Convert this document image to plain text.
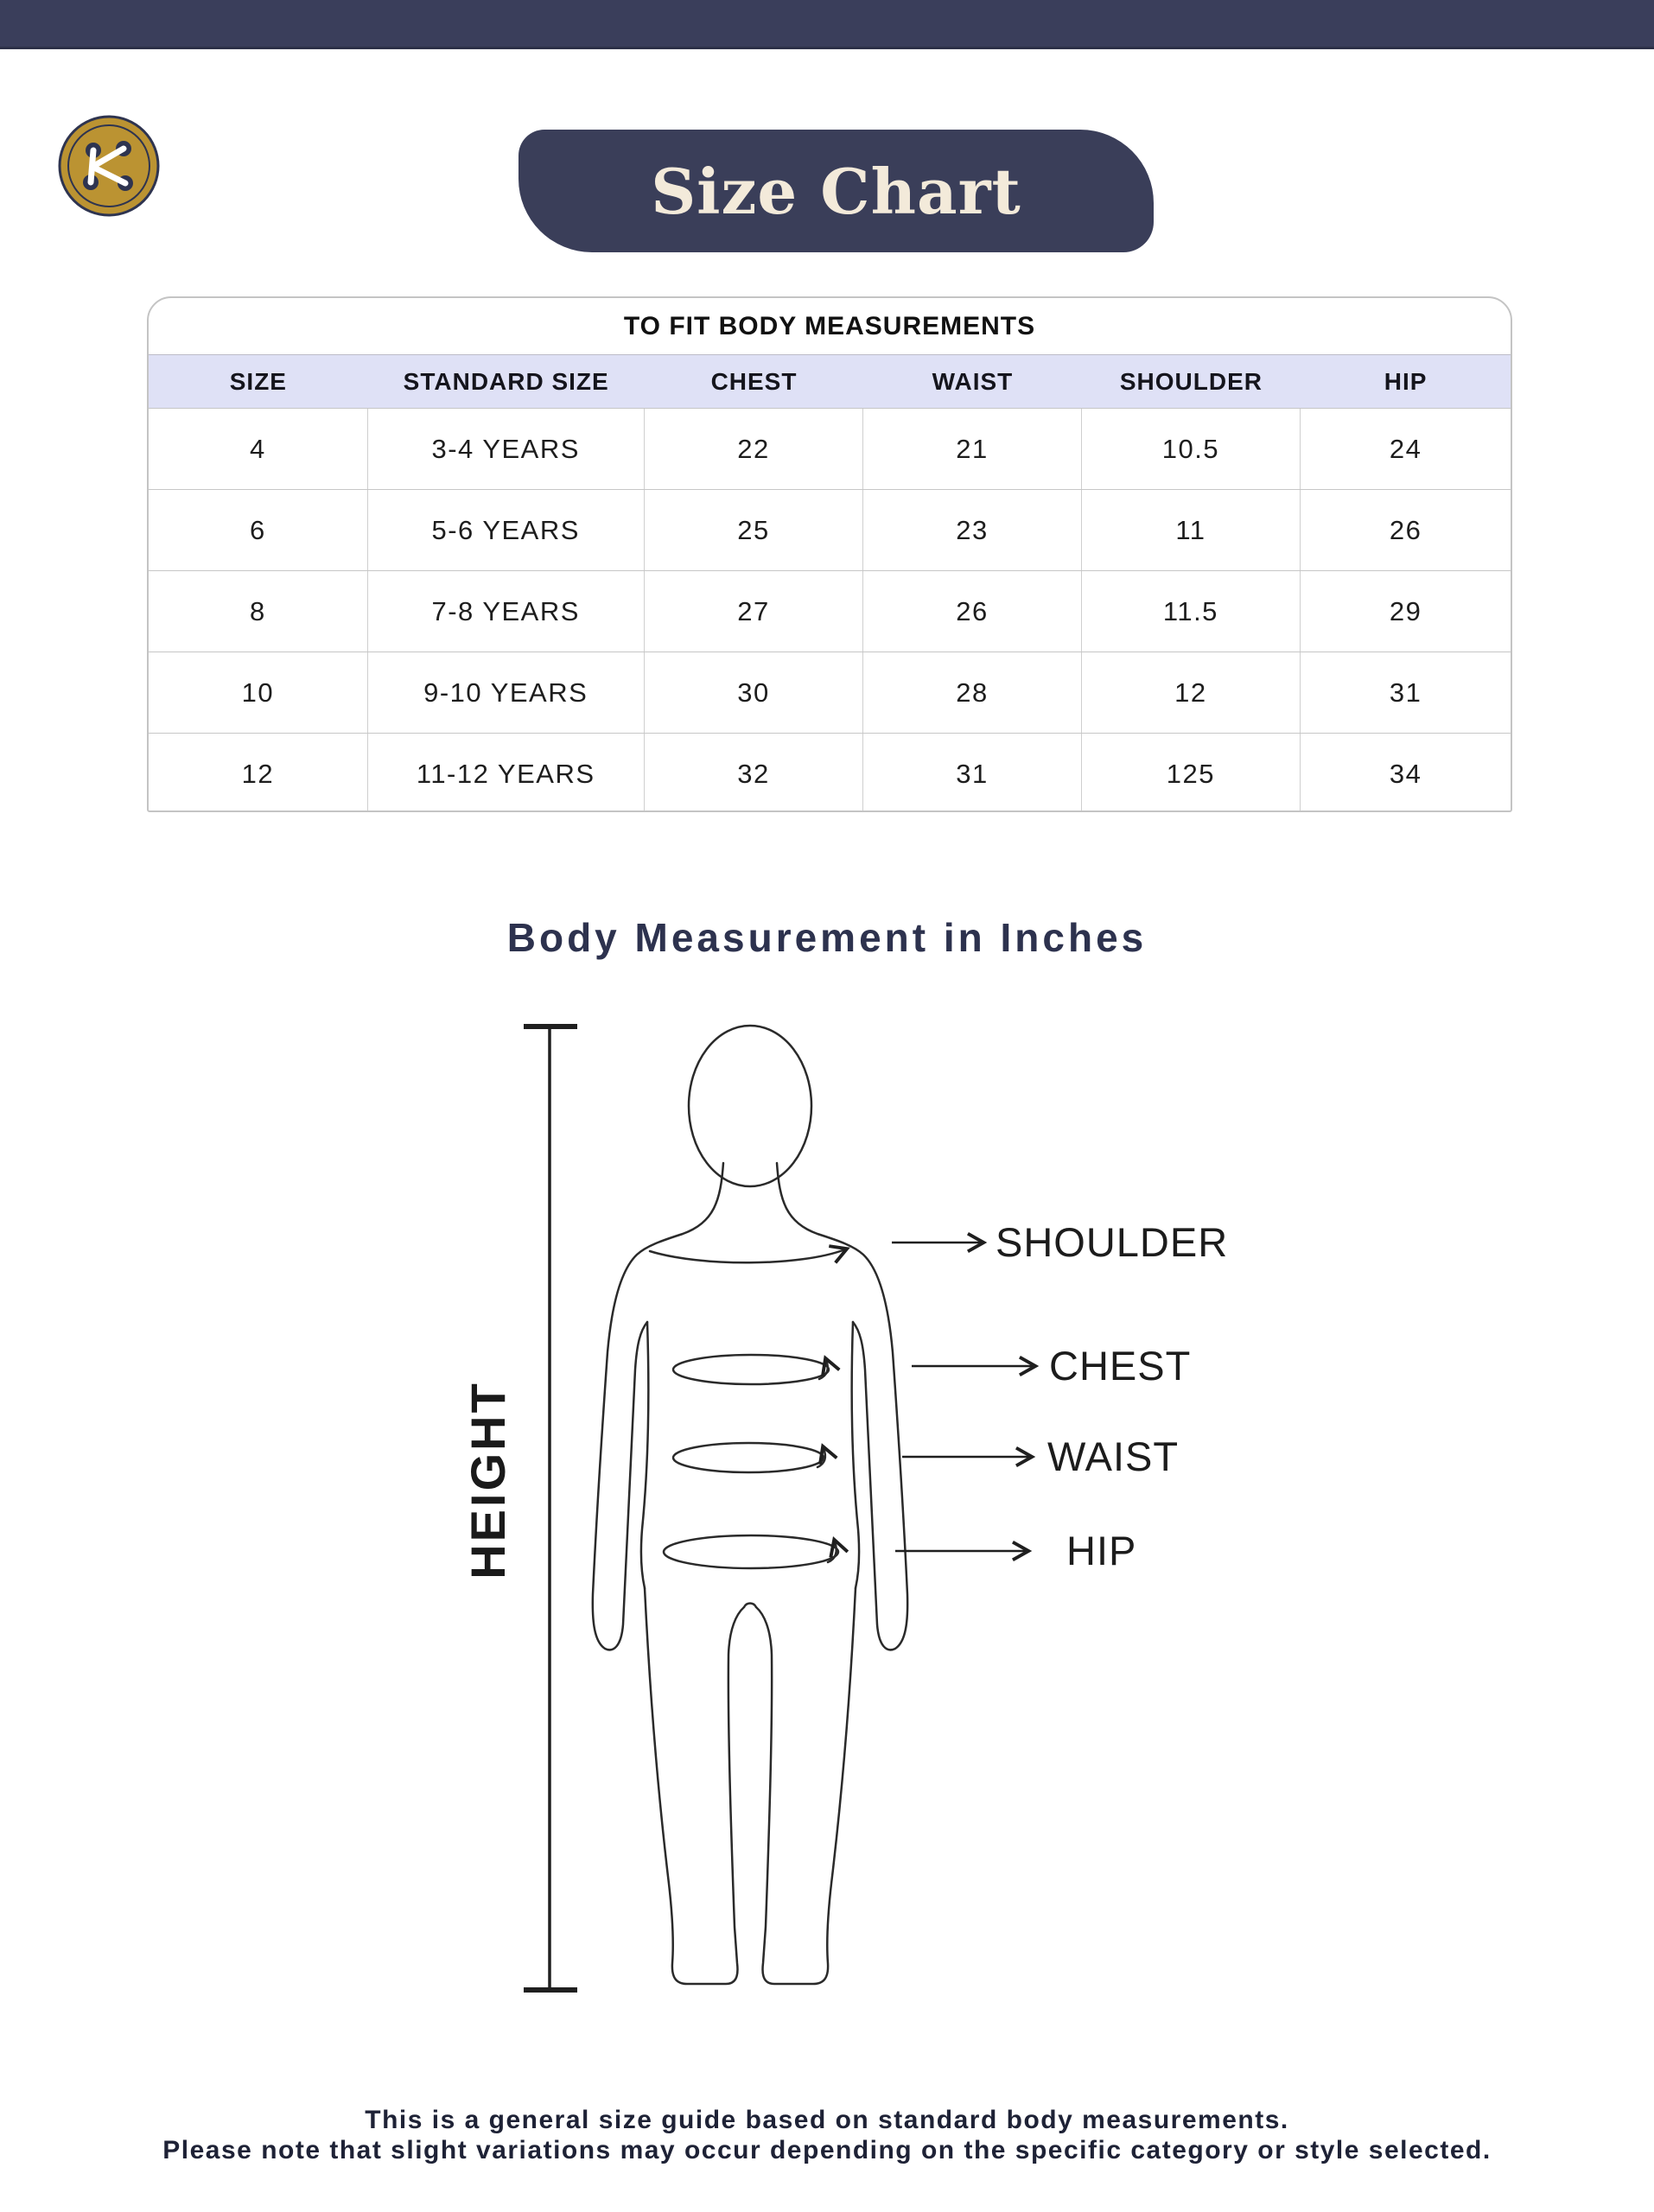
Size Chart
TO FIT BODY MEASUREMENTS
SIZE	STANDARD SIZE	CHEST	WAIST	SHOULDER	HIP
4	3-4 YEARS	22	21	10.5	24
6	5-6 YEARS	25	23	11	26
8	7-8 YEARS	27	26	11.5	29
10	9-10 YEARS	30	28	12	31
12	11-12 YEARS	32	31	125	34
Body Measurement in Inches
HEIGHT
SHOULDER
CHEST
WAIST
HIP
This is a general size guide based on standard body measurements.
Please note that slight variations may occur depending on the specific category or style selected.
